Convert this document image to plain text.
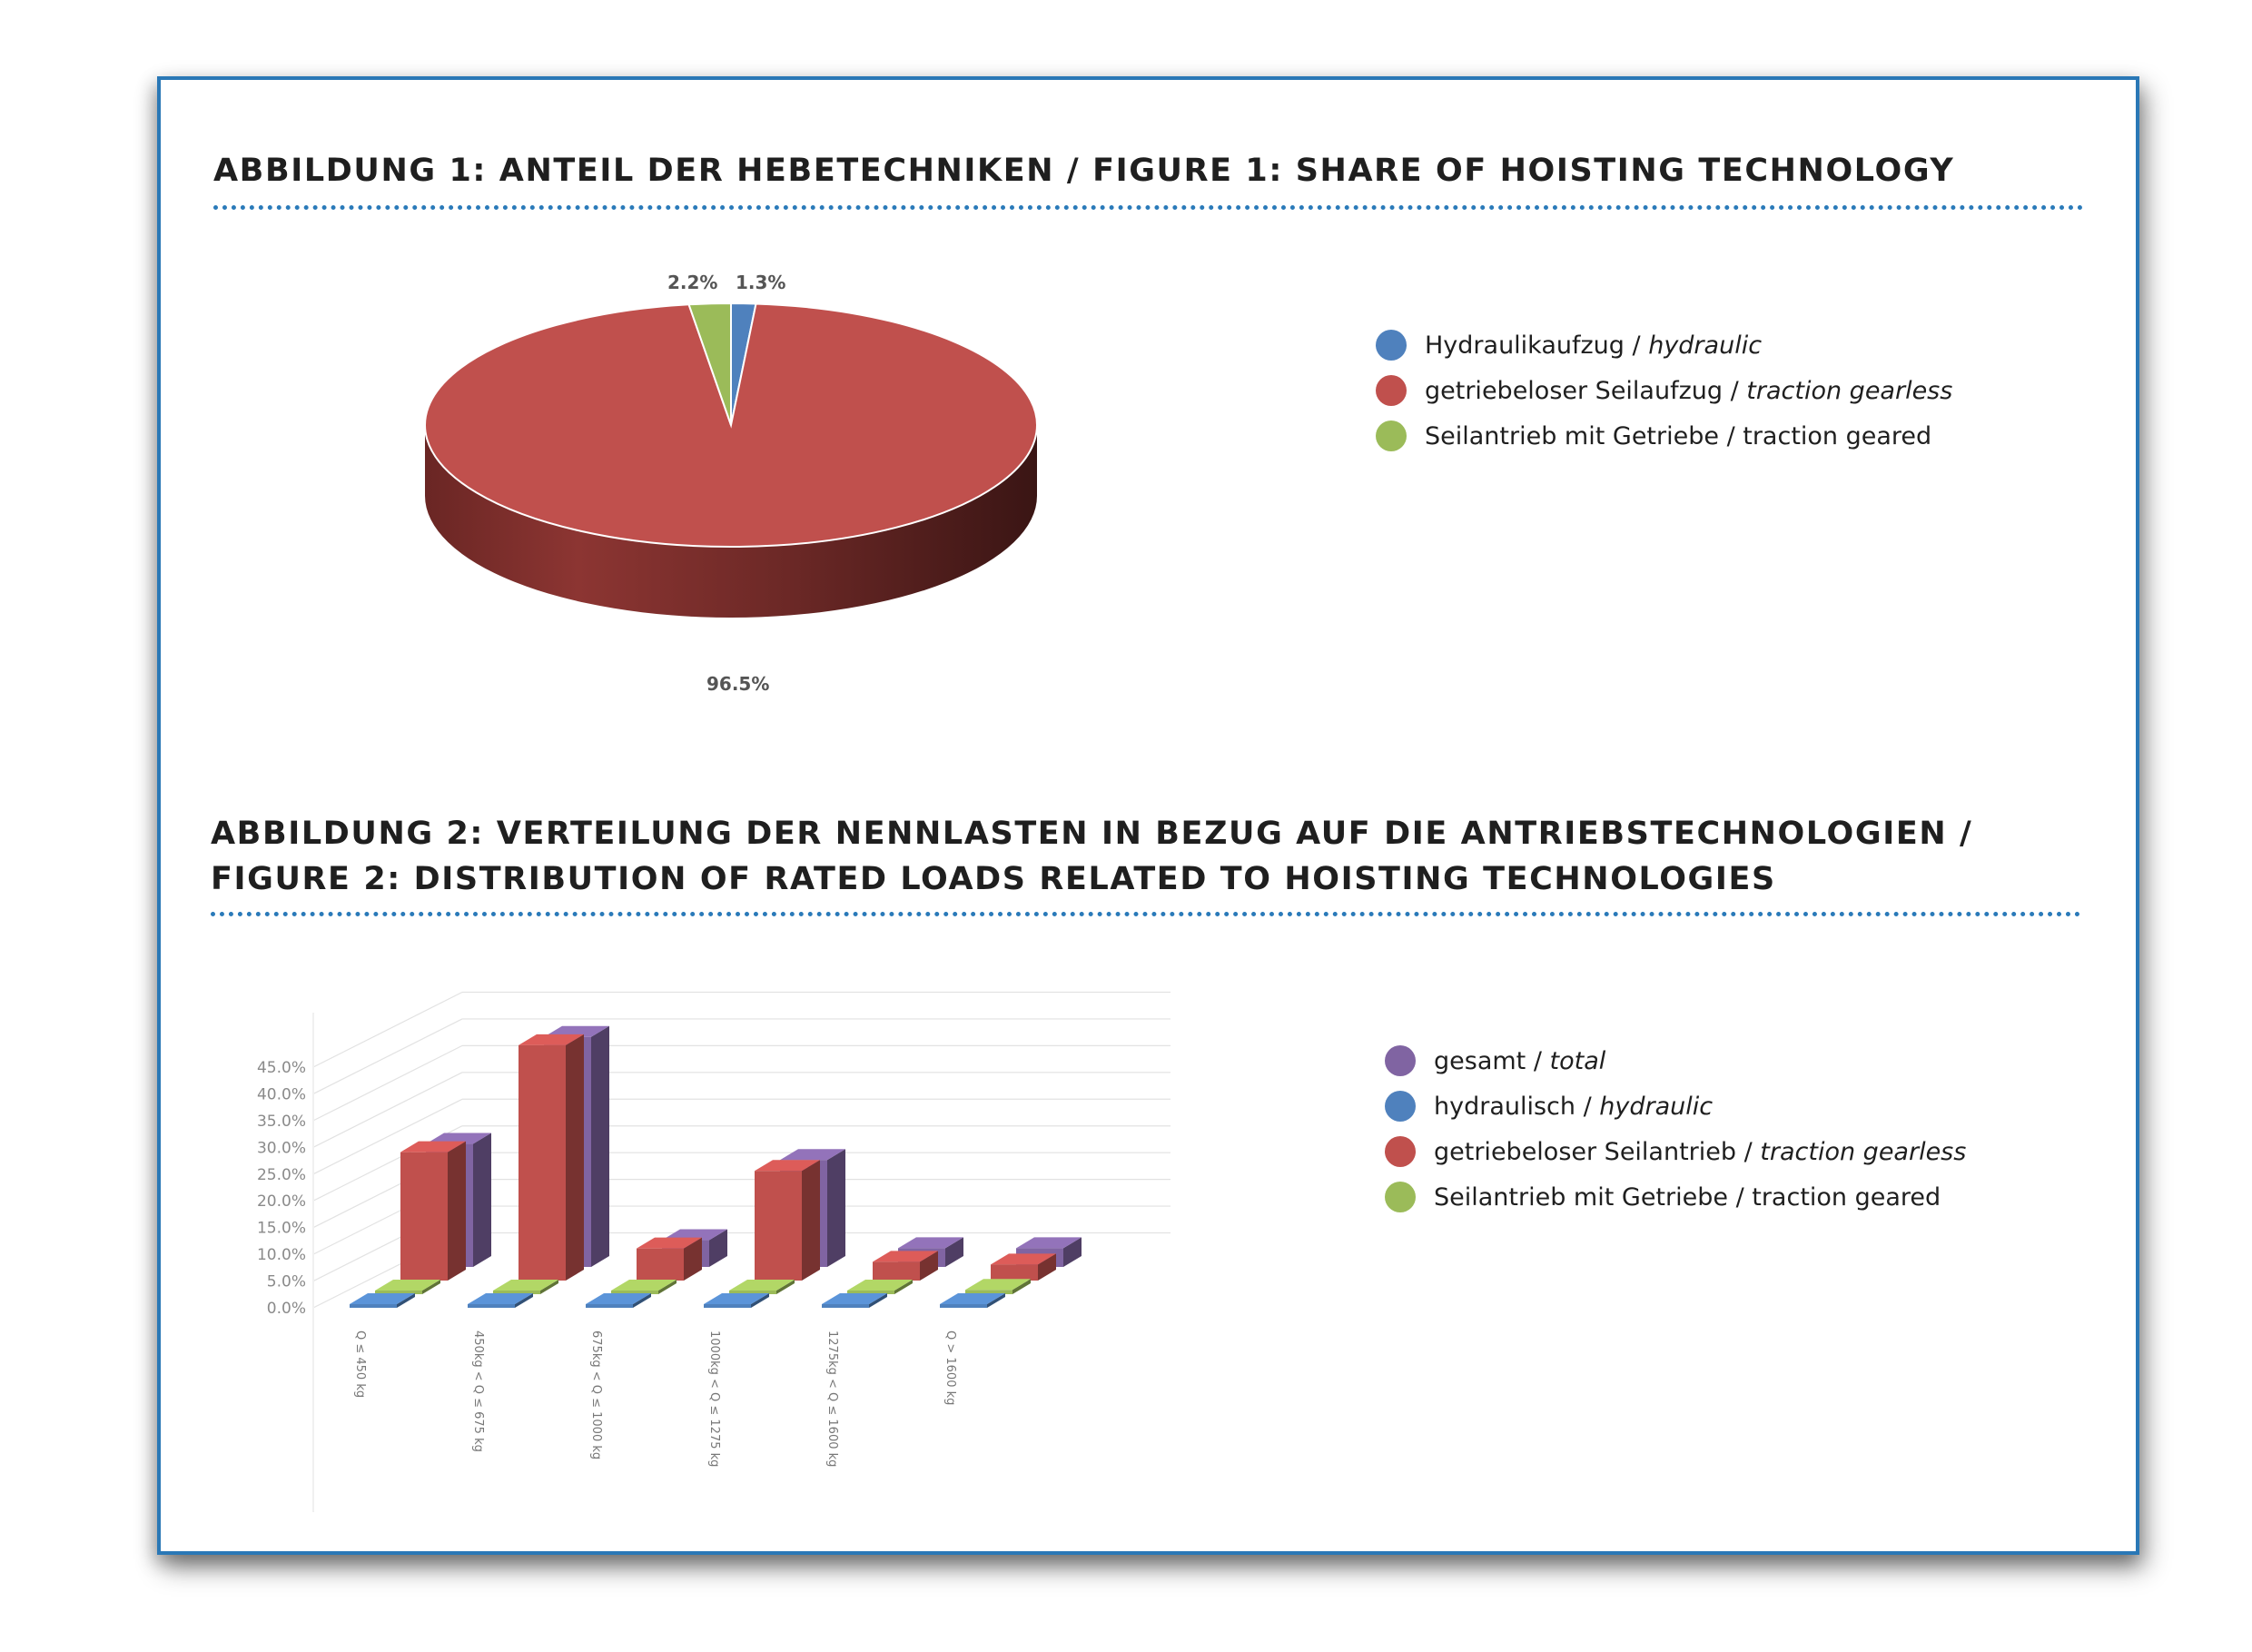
ABBILDUNG 1: ANTEIL DER HEBETECHNIKEN / FIGURE 1: SHARE OF HOISTING TECHNOLOGY
1.3%
2.2%
96.5%
Hydraulikaufzug / hydraulic
getriebeloser Seilaufzug / traction gearless
Seilantrieb mit Getriebe / traction geared
ABBILDUNG 2: VERTEILUNG DER NENNLASTEN IN BEZUG AUF DIE ANTRIEBSTECHNOLOGIEN /
FIGURE 2: DISTRIBUTION OF RATED LOADS RELATED TO HOISTING TECHNOLOGIES
0.0%
5.0%
10.0%
15.0%
20.0%
25.0%
30.0%
35.0%
40.0%
45.0%
Q ≤ 450 kg	450kg < Q ≤ 675 kg	675kg < Q ≤ 1000 kg	1000kg < Q ≤ 1275 kg	1275kg < Q ≤ 1600 kg	Q > 1600 kg
gesamt / total
hydraulisch / hydraulic
getriebeloser Seilantrieb / traction gearless
Seilantrieb mit Getriebe / traction geared
